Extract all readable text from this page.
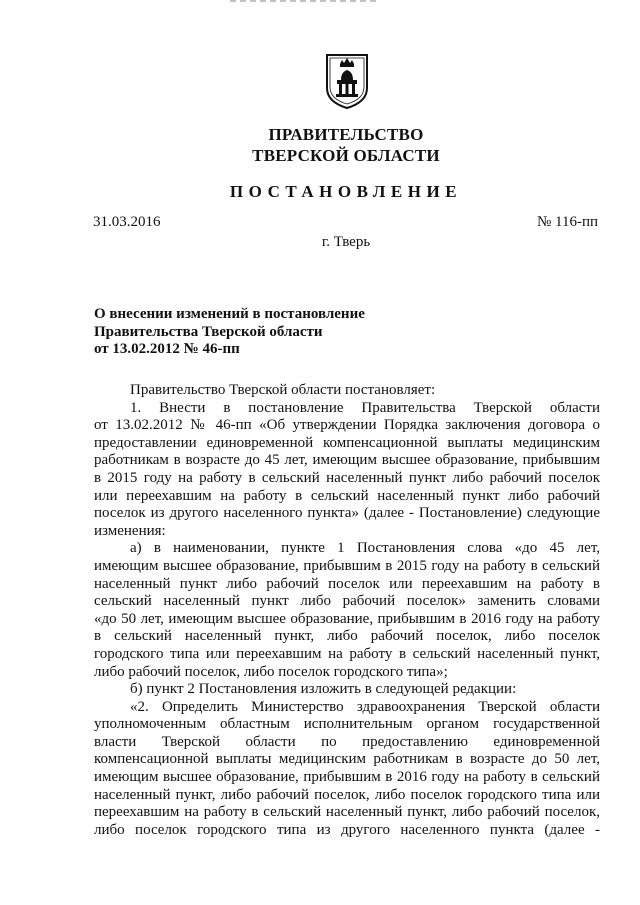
ПРАВИТЕЛЬСТВО
ТВЕРСКОЙ ОБЛАСТИ
ПОСТАНОВЛЕНИЕ
31.03.2016	№ 116-пп
г. Тверь
О внесении изменений в постановление
Правительства Тверской области
от 13.02.2012 № 46-пп
Правительство Тверской области постановляет:
1. Внести в постановление Правительства Тверской области
от 13.02.2012 № 46-пп «Об утверждении Порядка заключения договора о
предоставлении единовременной компенсационной выплаты медицинским
работникам в возрасте до 45 лет, имеющим высшее образование, прибывшим
в 2015 году на работу в сельский населенный пункт либо рабочий поселок
или переехавшим на работу в сельский населенный пункт либо рабочий
поселок из другого населенного пункта» (далее - Постановление) следующие
изменения:
а) в наименовании, пункте 1 Постановления слова «до 45 лет,
имеющим высшее образование, прибывшим в 2015 году на работу в сельский
населенный пункт либо рабочий поселок или переехавшим на работу в
сельский населенный пункт либо рабочий поселок» заменить словами
«до 50 лет, имеющим высшее образование, прибывшим в 2016 году на работу
в сельский населенный пункт, либо рабочий поселок, либо поселок
городского типа или переехавшим на работу в сельский населенный пункт,
либо рабочий поселок, либо поселок городского типа»;
б) пункт 2 Постановления изложить в следующей редакции:
«2. Определить Министерство здравоохранения Тверской области
уполномоченным областным исполнительным органом государственной
власти Тверской области по предоставлению единовременной
компенсационной выплаты медицинским работникам в возрасте до 50 лет,
имеющим высшее образование, прибывшим в 2016 году на работу в сельский
населенный пункт, либо рабочий поселок, либо поселок городского типа или
переехавшим на работу в сельский населенный пункт, либо рабочий поселок,
либо поселок городского типа из другого населенного пункта (далее -
